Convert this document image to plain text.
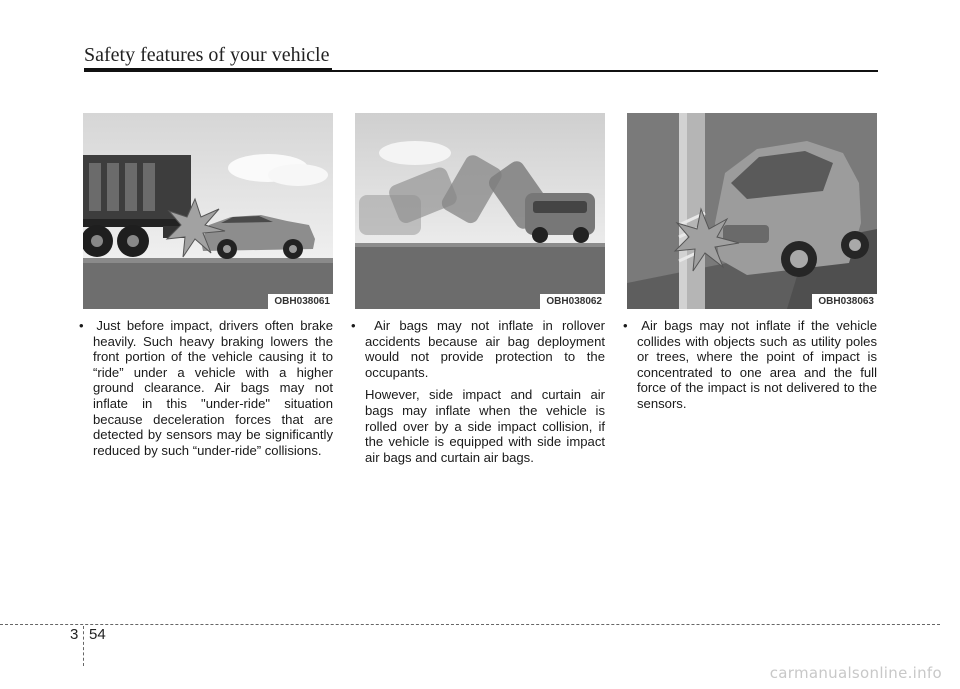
Safety features of your vehicle
OBH038061	OBH038062	OBH038063

•  Just before impact, drivers often brake heavily. Such heavy braking lowers the front portion of the vehicle causing it to “ride” under a vehicle with a higher ground clearance. Air bags may not inflate in this "under-ride" situation because deceleration forces that are detected by sensors may be significantly reduced by such “under-ride” collisions.

•  Air bags may not inflate in rollover accidents because air bag deployment would not provide protection to the occupants.

However, side impact and curtain air bags may inflate when the vehicle is rolled over by a side impact collision, if the vehicle is equipped with side impact air bags and curtain air bags.

•  Air bags may not inflate if the vehicle collides with objects such as utility poles or trees, where the point of impact is concentrated to one area and the full force of the impact is not delivered to the sensors.

3 54
carmanualsonline.info
